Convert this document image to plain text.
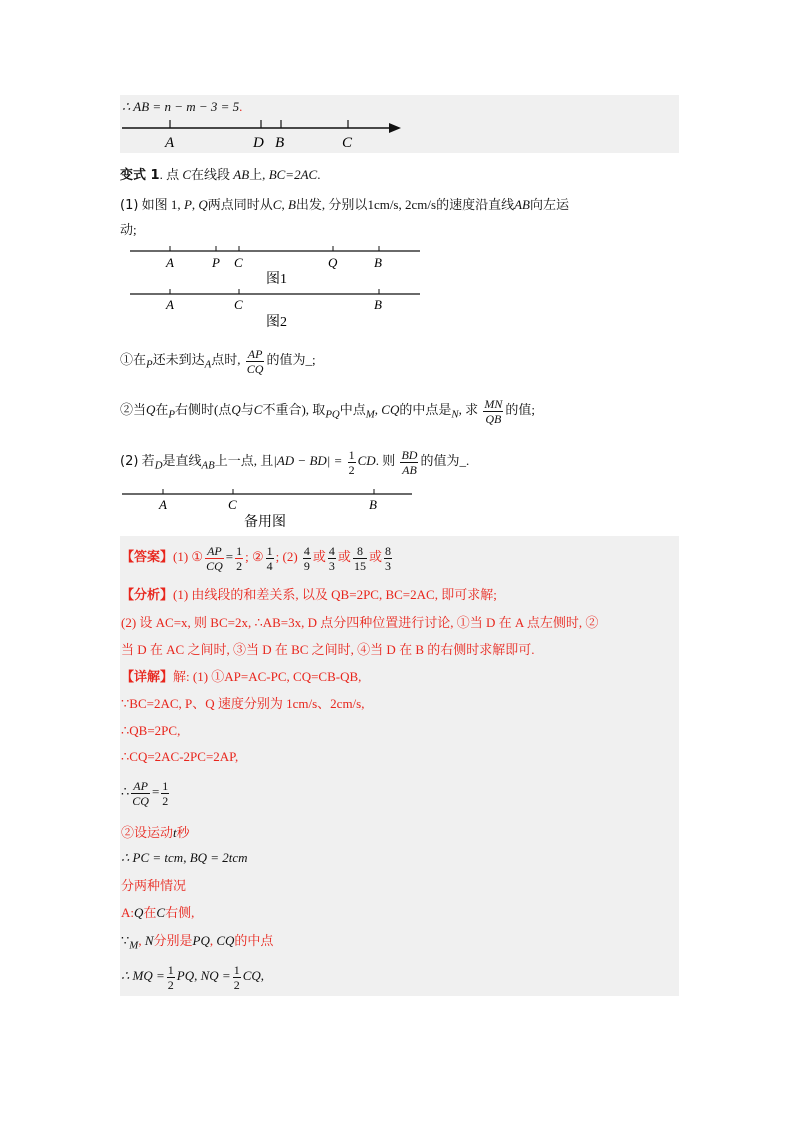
∴ AB = n − m − 3 = 5.
A	D B	C
变式 1. 点 C在线段 AB上, BC=2AC.
(1) 如图 1, P, Q两点同时从C, B出发, 分别以1cm/s, 2cm/s的速度沿直线AB向左运
动;
A	P C	Q	B
图1
A	C	B
图2
①在$_P$还未到达$_A$点时, $\frac{AP}{CQ}$ 的值为_;
②当Q在$_P$右侧时(点Q与C不重合), 取$_{PQ}$中点$_M$, CQ的中点是$_N$, 求 $\frac{MN}{QB}$ 的值;
(2) 若$_D$是直线$_{AB}$上一点, 且$|AD - BD| = \frac{1}{2}$ CD. 则 $\frac{BD}{AB}$ 的值为_.
A	C	B
备用图
【答案】(1) ① $\frac{AP}{CQ} = \frac{1}{2}$ ; ② $\frac{1}{4}$ ; $(2) \frac{4}{9}$ 或 $\frac{4}{3}$ 或 $\frac{8}{15}$ 或 $\frac{8}{3}$
【分析】(1) 由线段的和差关系, 以及 QB=2PC, BC=2AC, 即可求解;
(2) 设 AC=x, 则 BC=2x, ∴AB=3x, D 点分四种位置进行讨论, ①当 D 在 A 点左侧时, ②
当 D 在 AC 之间时, ③当 D 在 BC 之间时, ④当 D 在 B 的右侧时求解即可.
【详解】解: (1) ①AP=AC-PC, CQ=CB-QB,
∵BC=2AC, P、Q 速度分别为 1cm/s、2cm/s,
∴QB=2PC,
∴CQ=2AC-2PC=2AP,
∴ $\frac{AP}{CQ} = \frac{1}{2}$
②设运动t秒
∴ PC = tcm, BQ = 2tcm
分两种情况
A:Q在C右侧,
$\because_M$, N分别是PQ, CQ的中点
∴ MQ = $\frac{1}{2}$ PQ, NQ = $\frac{1}{2}$ CQ,
